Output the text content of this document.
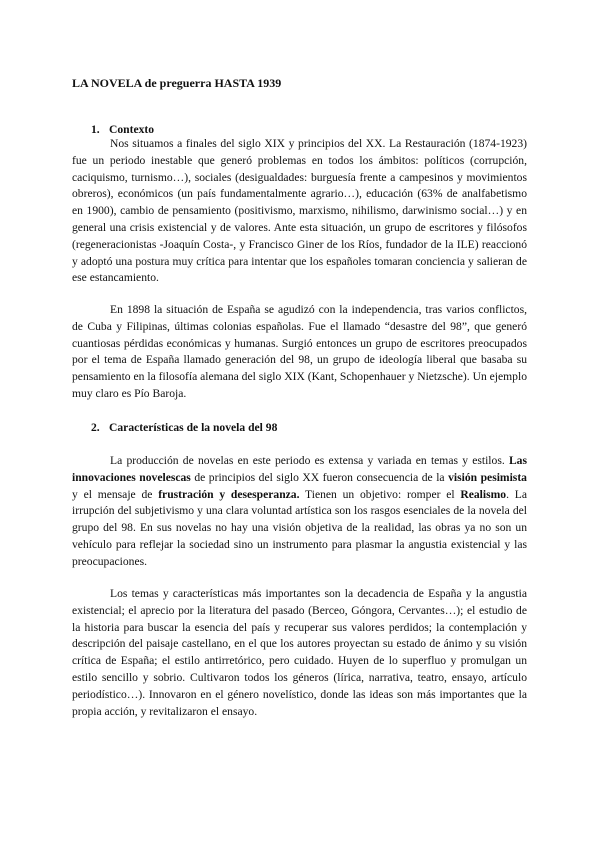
LA NOVELA de preguerra HASTA 1939
1. Contexto

Nos situamos a finales del siglo XIX y principios del XX. La Restauración (1874-1923) fue un periodo inestable que generó problemas en todos los ámbitos: políticos (corrupción, caciquismo, turnismo…), sociales (desigualdades: burguesía frente a campesinos y movimientos obreros), económicos (un país fundamentalmente agrario…), educación (63% de analfabetismo en 1900), cambio de pensamiento (positivismo, marxismo, nihilismo, darwinismo social…) y en general una crisis existencial y de valores. Ante esta situación, un grupo de escritores y filósofos (regeneracionistas -Joaquín Costa-, y Francisco Giner de los Ríos, fundador de la ILE) reaccionó y adoptó una postura muy crítica para intentar que los españoles tomaran conciencia y salieran de ese estancamiento.

En 1898 la situación de España se agudizó con la independencia, tras varios conflictos, de Cuba y Filipinas, últimas colonias españolas. Fue el llamado “desastre del 98”, que generó cuantiosas pérdidas económicas y humanas. Surgió entonces un grupo de escritores preocupados por el tema de España llamado generación del 98, un grupo de ideología liberal que basaba su pensamiento en la filosofía alemana del siglo XIX (Kant, Schopenhauer y Nietzsche). Un ejemplo muy claro es Pío Baroja.

2. Características de la novela del 98

La producción de novelas en este periodo es extensa y variada en temas y estilos. Las innovaciones novelescas de principios del siglo XX fueron consecuencia de la visión pesimista y el mensaje de frustración y desesperanza. Tienen un objetivo: romper el Realismo. La irrupción del subjetivismo y una clara voluntad artística son los rasgos esenciales de la novela del grupo del 98. En sus novelas no hay una visión objetiva de la realidad, las obras ya no son un vehículo para reflejar la sociedad sino un instrumento para plasmar la angustia existencial y las preocupaciones.

Los temas y características más importantes son la decadencia de España y la angustia existencial; el aprecio por la literatura del pasado (Berceo, Góngora, Cervantes…); el estudio de la historia para buscar la esencia del país y recuperar sus valores perdidos; la contemplación y descripción del paisaje castellano, en el que los autores proyectan su estado de ánimo y su visión crítica de España; el estilo antirretórico, pero cuidado. Huyen de lo superfluo y promulgan un estilo sencillo y sobrio. Cultivaron todos los géneros (lírica, narrativa, teatro, ensayo, artículo periodístico…). Innovaron en el género novelístico, donde las ideas son más importantes que la propia acción, y revitalizaron el ensayo.
